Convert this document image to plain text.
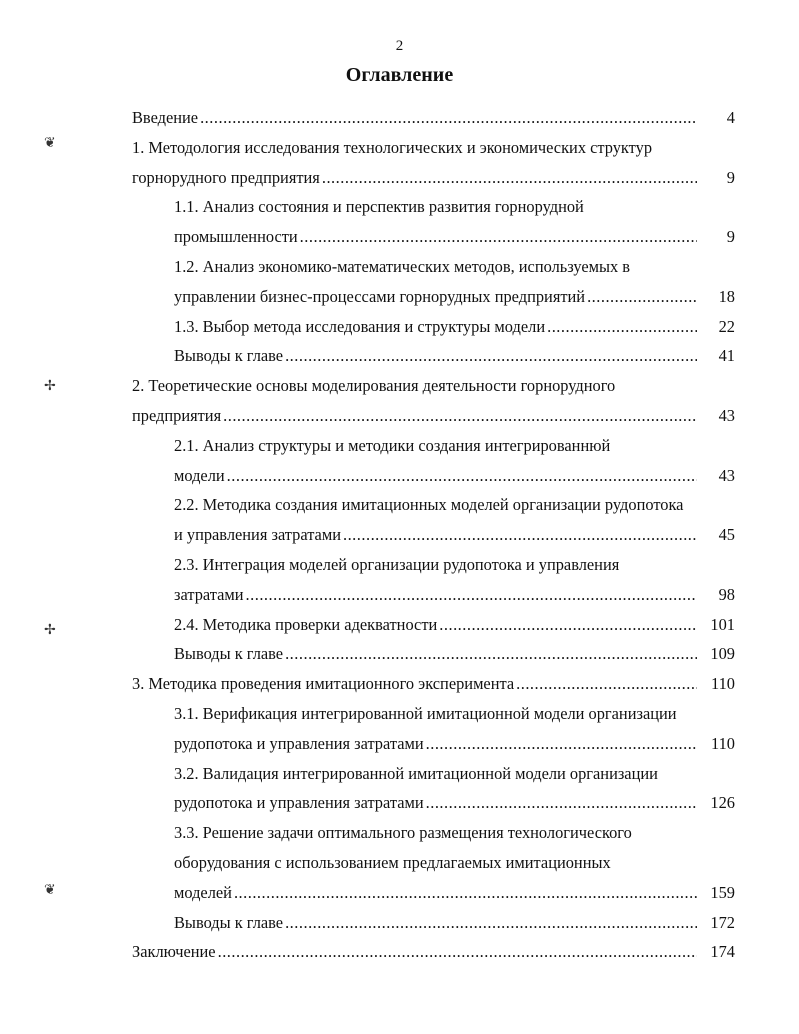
2
Оглавление
❦
✢
✢
❦
Введение .....	4
1. Методология исследования технологических и экономических структур
горнорудного предприятия .....	9
1.1. Анализ состояния и перспектив развития горнорудной
промышленности .....	9
1.2. Анализ экономико-математических методов, используемых в
управлении бизнес-процессами горнорудных предприятий .....	18
1.3. Выбор метода исследования и структуры модели .....	22
Выводы к главе .....	41
2. Теоретические основы моделирования деятельности горнорудного
предприятия .....	43
2.1. Анализ структуры и методики создания интегрированнюй
модели .....	43
2.2. Методика создания имитационных моделей организации рудопотока
и управления затратами .....	45
2.3. Интеграция моделей организации рудопотока и управления
затратами .....	98
2.4. Методика проверки адекватности .....	101
Выводы к главе .....	109
3. Методика проведения имитационного эксперимента .....	110
3.1. Верификация интегрированной имитационной модели организации
рудопотока и управления затратами .....	110
3.2. Валидация интегрированной имитационной модели организации
рудопотока и управления затратами .....	126
3.3. Решение задачи оптимального размещения технологического
оборудования с использованием предлагаемых имитационных
моделей .....	159
Выводы к главе .....	172
Заключение .....	174
